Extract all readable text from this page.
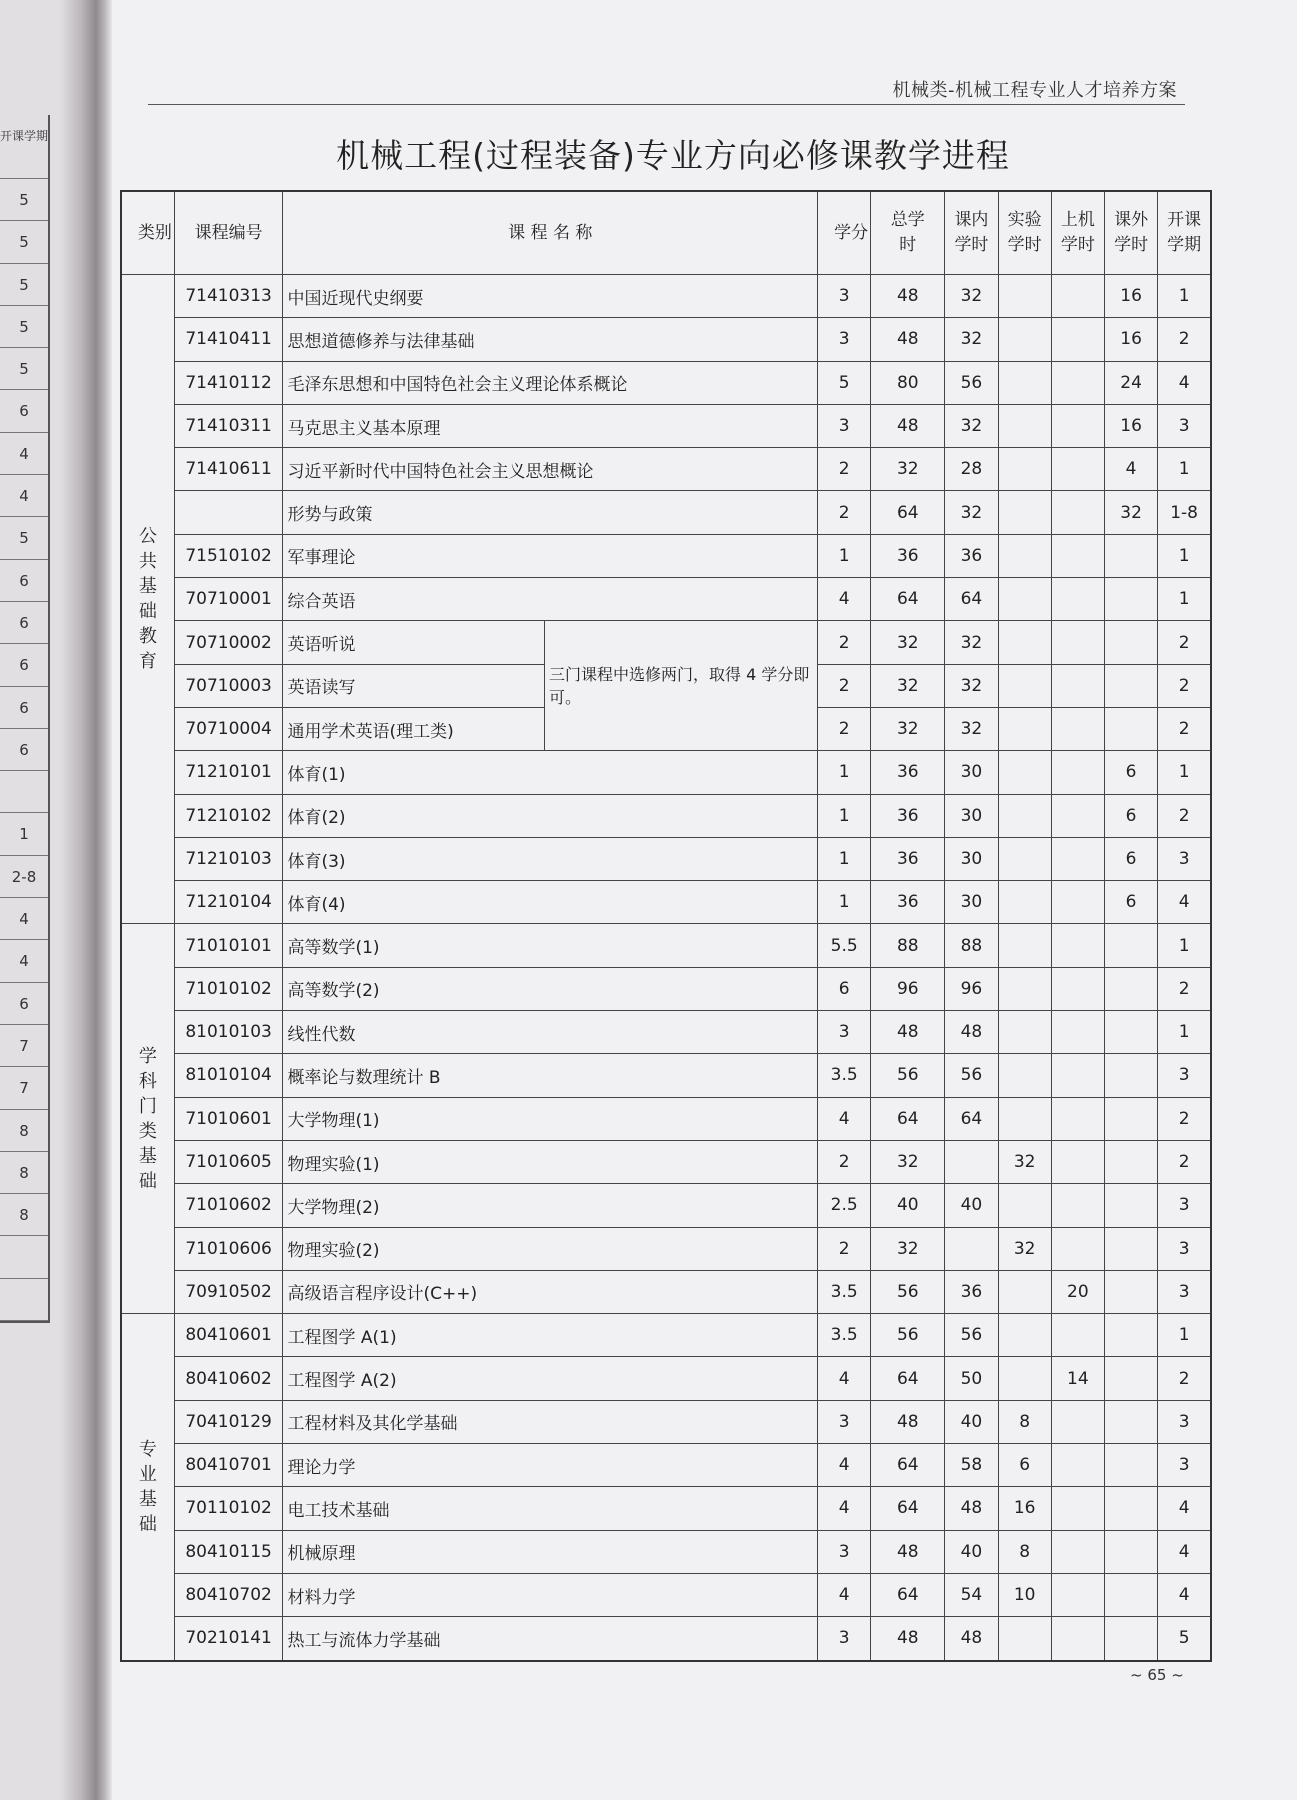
开课学期
5
5
5
5
5
6
4
4
5
6
6
6
6
6
1
2-8
4
4
6
7
7
8
8
8
机械类-机械工程专业人才培养方案
机械工程(过程装备)专业方向必修课教学进程
类别	课程编号	课 程 名 称		学分	总学时	课内学时	实验学时	上机学时	课外学时	开课学期
公共基础教育	71410313	中国近现代史纲要		3	48	32			16	1
	71410411	思想道德修养与法律基础		3	48	32			16	2
	71410112	毛泽东思想和中国特色社会主义理论体系概论		5	80	56			24	4
	71410311	马克思主义基本原理		3	48	32			16	3
	71410611	习近平新时代中国特色社会主义思想概论		2	32	28			4	1
		形势与政策		2	64	32			32	1-8
	71510102	军事理论		1	36	36				1
	70710001	综合英语		4	64	64				1
	70710002	英语听说	三门课程中选修两门，取得 4 学分即可。	2	32	32				2
	70710003	英语读写		2	32	32				2
	70710004	通用学术英语(理工类)		2	32	32				2
	71210101	体育(1)		1	36	30			6	1
	71210102	体育(2)		1	36	30			6	2
	71210103	体育(3)		1	36	30			6	3
	71210104	体育(4)		1	36	30			6	4
学科门类基础	71010101	高等数学(1)		5.5	88	88				1
	71010102	高等数学(2)		6	96	96				2
	81010103	线性代数		3	48	48				1
	81010104	概率论与数理统计 B		3.5	56	56				3
	71010601	大学物理(1)		4	64	64				2
	71010605	物理实验(1)		2	32		32			2
	71010602	大学物理(2)		2.5	40	40				3
	71010606	物理实验(2)		2	32		32			3
	70910502	高级语言程序设计(C++)		3.5	56	36		20		3
专业基础	80410601	工程图学 A(1)		3.5	56	56				1
	80410602	工程图学 A(2)		4	64	50		14		2
	70410129	工程材料及其化学基础		3	48	40	8			3
	80410701	理论力学		4	64	58	6			3
	70110102	电工技术基础		4	64	48	16			4
	80410115	机械原理		3	48	40	8			4
	80410702	材料力学		4	64	54	10			4
	70210141	热工与流体力学基础		3	48	48				5
~ 65 ~
